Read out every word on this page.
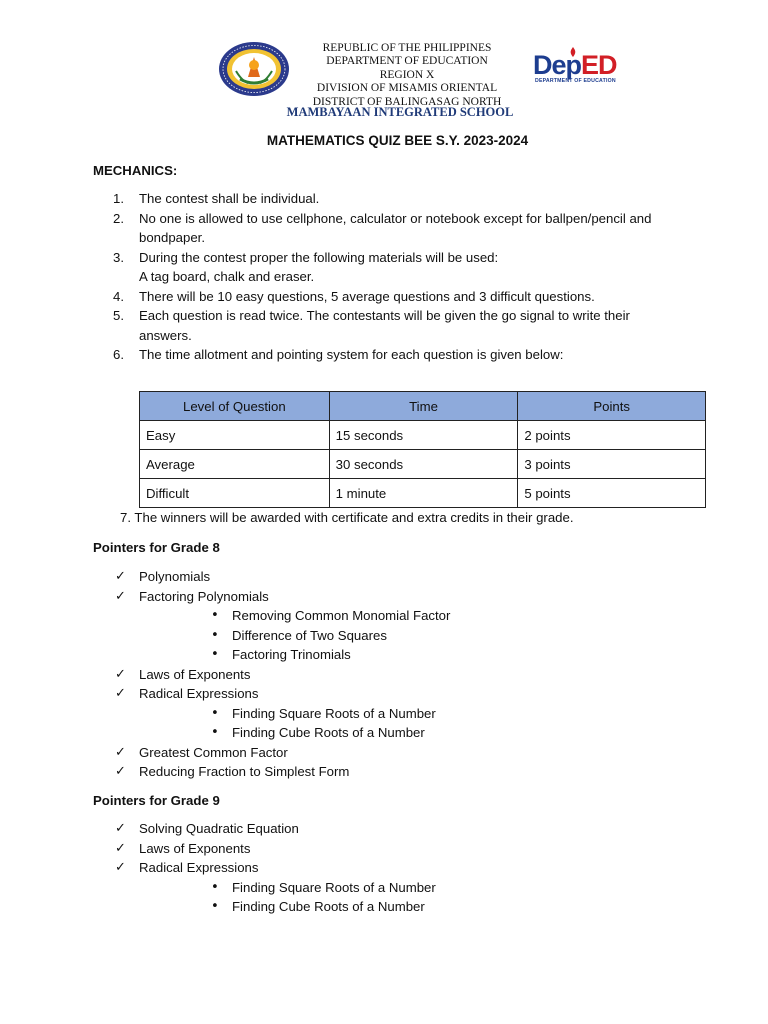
REPUBLIC OF THE PHILIPPINES
DEPARTMENT OF EDUCATION
REGION X
DIVISION OF MISAMIS ORIENTAL
DISTRICT OF BALINGASAG NORTH
MAMBAYAAN INTEGRATED SCHOOL
DepED
DEPARTMENT OF EDUCATION
MATHEMATICS QUIZ BEE S.Y. 2023-2024
MECHANICS:
1. The contest shall be individual.
2. No one is allowed to use cellphone, calculator or notebook except for ballpen/pencil and
bondpaper.
3. During the contest proper the following materials will be used:
A tag board, chalk and eraser.
4. There will be 10 easy questions, 5 average questions and 3 difficult questions.
5. Each question is read twice. The contestants will be given the go signal to write their
answers.
6. The time allotment and pointing system for each question is given below:
Level of Question	Time	Points
Easy	15 seconds	2 points
Average	30 seconds	3 points
Difficult	1 minute	5 points
7. The winners will be awarded with certificate and extra credits in their grade.
Pointers for Grade 8
✓ Polynomials
✓ Factoring Polynomials
• Removing Common Monomial Factor
• Difference of Two Squares
• Factoring Trinomials
✓ Laws of Exponents
✓ Radical Expressions
• Finding Square Roots of a Number
• Finding Cube Roots of a Number
✓ Greatest Common Factor
✓ Reducing Fraction to Simplest Form
Pointers for Grade 9
✓ Solving Quadratic Equation
✓ Laws of Exponents
✓ Radical Expressions
• Finding Square Roots of a Number
• Finding Cube Roots of a Number
